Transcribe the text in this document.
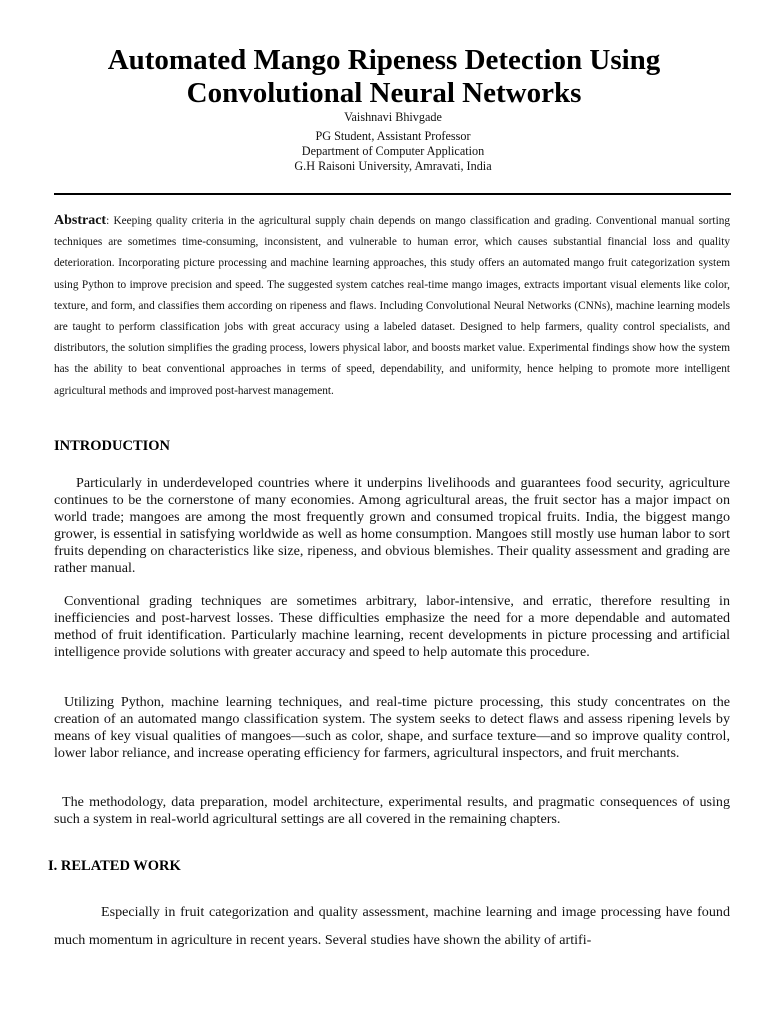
Automated Mango Ripeness Detection Using Convolutional Neural Networks
Vaishnavi Bhivgade
PG Student, Assistant Professor
Department of Computer Application
G.H Raisoni University, Amravati, India

Abstract: Keeping quality criteria in the agricultural supply chain depends on mango classification and grading. Conventional manual sorting techniques are sometimes time-consuming, inconsistent, and vulnerable to human error, which causes substantial financial loss and quality deterioration. Incorporating picture processing and machine learning approaches, this study offers an automated mango fruit categorization system using Python to improve precision and speed. The suggested system catches real-time mango images, extracts important visual elements like color, texture, and form, and classifies them according on ripeness and flaws. Including Convolutional Neural Networks (CNNs), machine learning models are taught to perform classification jobs with great accuracy using a labeled dataset. Designed to help farmers, quality control specialists, and distributors, the solution simplifies the grading process, lowers physical labor, and boosts market value. Experimental findings show how the system has the ability to beat conventional approaches in terms of speed, dependability, and uniformity, hence helping to promote more intelligent agricultural methods and improved post-harvest management.

INTRODUCTION

Particularly in underdeveloped countries where it underpins livelihoods and guarantees food security, agriculture continues to be the cornerstone of many economies. Among agricultural areas, the fruit sector has a major impact on world trade; mangoes are among the most frequently grown and consumed tropical fruits. India, the biggest mango grower, is essential in satisfying worldwide as well as home consumption. Mangoes still mostly use human labor to sort fruits depending on characteristics like size, ripeness, and obvious blemishes. Their quality assessment and grading are rather manual.

Conventional grading techniques are sometimes arbitrary, labor-intensive, and erratic, therefore resulting in inefficiencies and post-harvest losses. These difficulties emphasize the need for a more dependable and automated method of fruit identification. Particularly machine learning, recent developments in picture processing and artificial intelligence provide solutions with greater accuracy and speed to help automate this procedure.

Utilizing Python, machine learning techniques, and real-time picture processing, this study concentrates on the creation of an automated mango classification system. The system seeks to detect flaws and assess ripening levels by means of key visual qualities of mangoes—such as color, shape, and surface texture—and so improve quality control, lower labor reliance, and increase operating efficiency for farmers, agricultural inspectors, and fruit merchants.

The methodology, data preparation, model architecture, experimental results, and pragmatic consequences of using such a system in real-world agricultural settings are all covered in the remaining chapters.

I. RELATED WORK

Especially in fruit categorization and quality assessment, machine learning and image processing have found much momentum in agriculture in recent years. Several studies have shown the ability of artifi-
